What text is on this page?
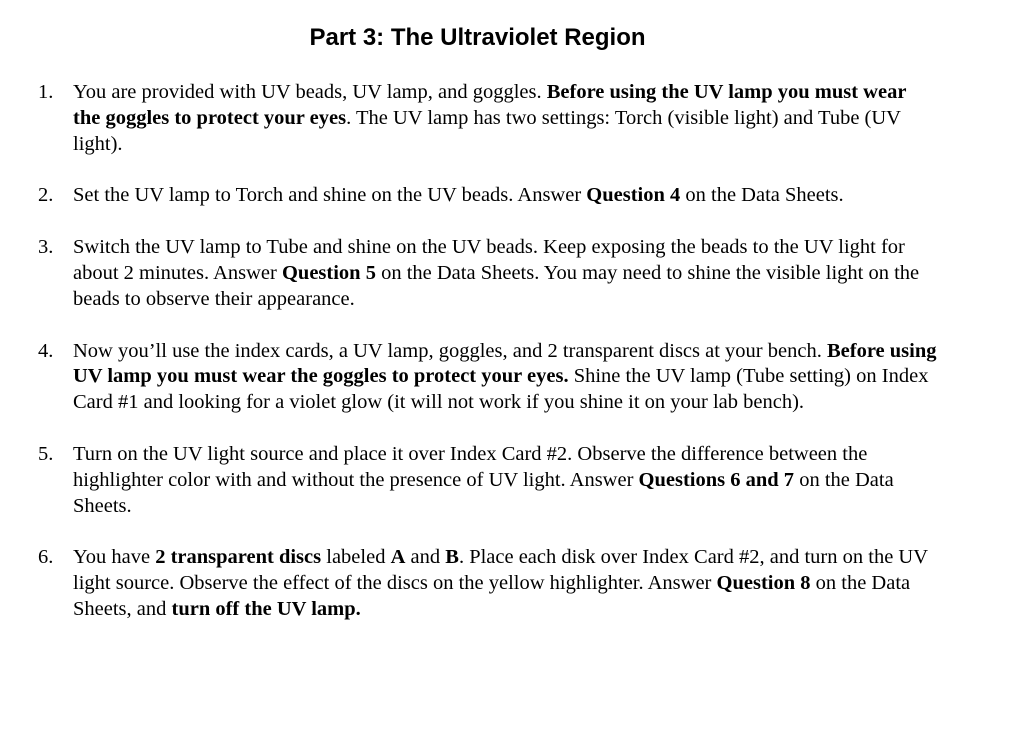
Part 3: The Ultraviolet Region
1. You are provided with UV beads, UV lamp, and goggles. Before using the UV lamp you must wear the goggles to protect your eyes. The UV lamp has two settings: Torch (visible light) and Tube (UV light).
2. Set the UV lamp to Torch and shine on the UV beads. Answer Question 4 on the Data Sheets.
3. Switch the UV lamp to Tube and shine on the UV beads. Keep exposing the beads to the UV light for about 2 minutes. Answer Question 5 on the Data Sheets. You may need to shine the visible light on the beads to observe their appearance.
4. Now you’ll use the index cards, a UV lamp, goggles, and 2 transparent discs at your bench. Before using UV lamp you must wear the goggles to protect your eyes. Shine the UV lamp (Tube setting) on Index Card #1 and looking for a violet glow (it will not work if you shine it on your lab bench).
5. Turn on the UV light source and place it over Index Card #2. Observe the difference between the highlighter color with and without the presence of UV light. Answer Questions 6 and 7 on the Data Sheets.
6. You have 2 transparent discs labeled A and B. Place each disk over Index Card #2, and turn on the UV light source. Observe the effect of the discs on the yellow highlighter. Answer Question 8 on the Data Sheets, and turn off the UV lamp.
